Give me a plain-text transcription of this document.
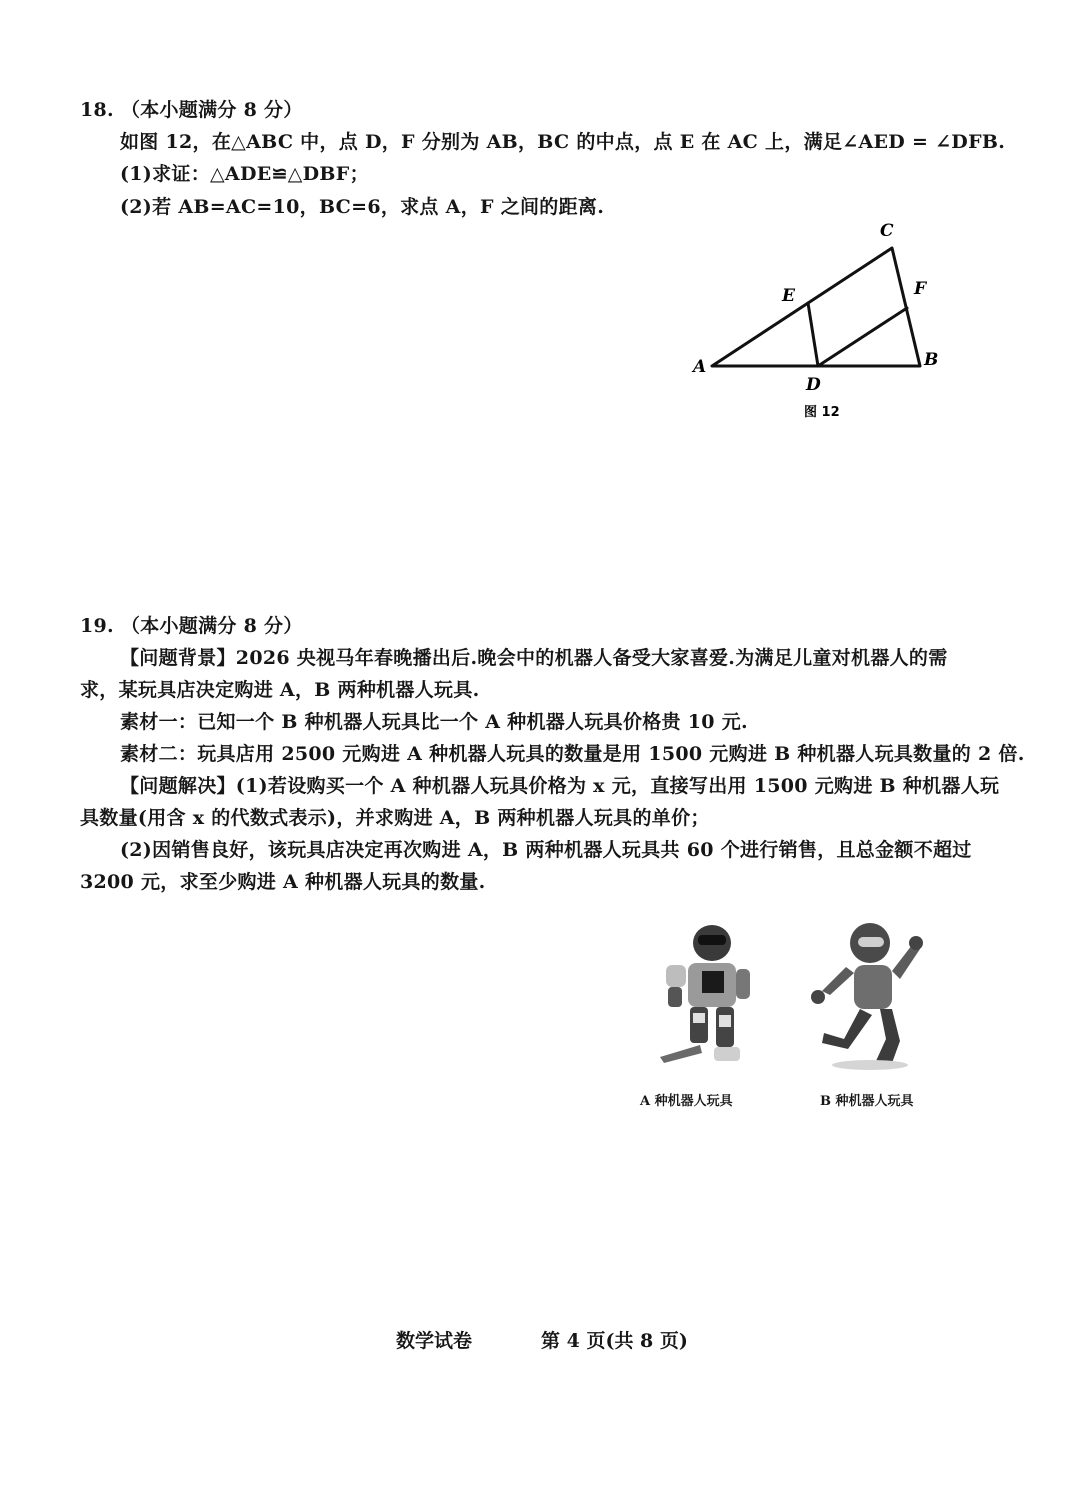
18. （本小题满分 8 分）
如图 12，在△ABC 中，点 D，F 分别为 AB，BC 的中点，点 E 在 AC 上，满足∠AED = ∠DFB.
(1)求证：△ADE≌△DBF；
(2)若 AB=AC=10，BC=6，求点 A，F 之间的距离.
A	B
C
D
E	F
图 12
19. （本小题满分 8 分）
【问题背景】2026 央视马年春晚播出后.晚会中的机器人备受大家喜爱.为满足儿童对机器人的需
求，某玩具店决定购进 A，B 两种机器人玩具.
素材一：已知一个 B 种机器人玩具比一个 A 种机器人玩具价格贵 10 元.
素材二：玩具店用 2500 元购进 A 种机器人玩具的数量是用 1500 元购进 B 种机器人玩具数量的 2 倍.
【问题解决】(1)若设购买一个 A 种机器人玩具价格为 x 元，直接写出用 1500 元购进 B 种机器人玩
具数量(用含 x 的代数式表示)，并求购进 A，B 两种机器人玩具的单价；
(2)因销售良好，该玩具店决定再次购进 A，B 两种机器人玩具共 60 个进行销售，且总金额不超过
3200 元，求至少购进 A 种机器人玩具的数量.
A 种机器人玩具	B 种机器人玩具
数学试卷	第 4 页(共 8 页)
